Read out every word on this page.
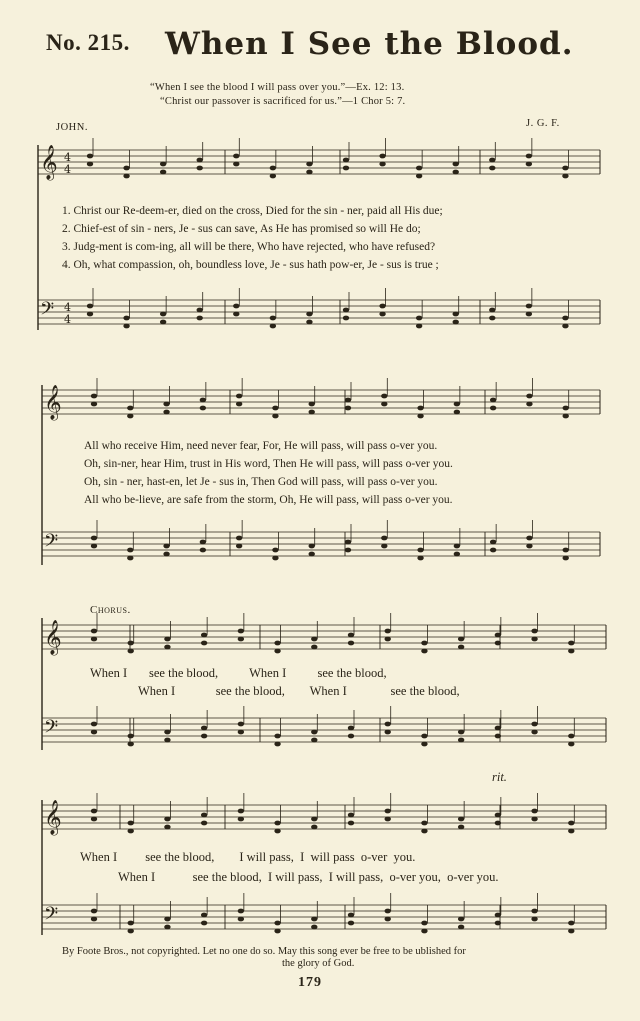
No. 215. When I See the Blood.
“When I see the blood I will pass over you.”—Ex. 12: 13.
“Christ our passover is sacrificed for us.”—1 Chor 5: 7.
JOHN.	J. G. F.
𝄞 4
4
𝄢 4
4
𝄞
𝄢
𝄞
𝄢
𝄞
𝄢
1. Christ our Re-deem-er, died on the cross, Died for the sin - ner, paid all His due;
2. Chief-est of sin - ners, Je - sus can save, As He has promised so will He do;
3. Judg-ment is com-ing, all will be there, Who have rejected, who have refused?
4. Oh, what compassion, oh, boundless love, Je - sus hath pow-er, Je - sus is true ;
All who receive Him, need never fear, For, He will pass, will pass o-ver you.
Oh, sin-ner, hear Him, trust in His word, Then He will pass, will pass o-ver you.
Oh, sin - ner, hast-en, let Je - sus in, Then God will pass, will pass o-ver you.
All who be-lieve, are safe from the storm, Oh, He will pass, will pass o-ver you.
Chorus.
When I       see the blood,          When I          see the blood,
When I             see the blood,        When I              see the blood,
rit.
When I         see the blood,        I will pass,  I  will pass  o-ver  you.
When I            see the blood,  I will pass,  I will pass,  o-ver you,  o-ver you.
By Foote Bros., not copyrighted. Let no one do so. May this song ever be free to be ublished for
the glory of God.
179
